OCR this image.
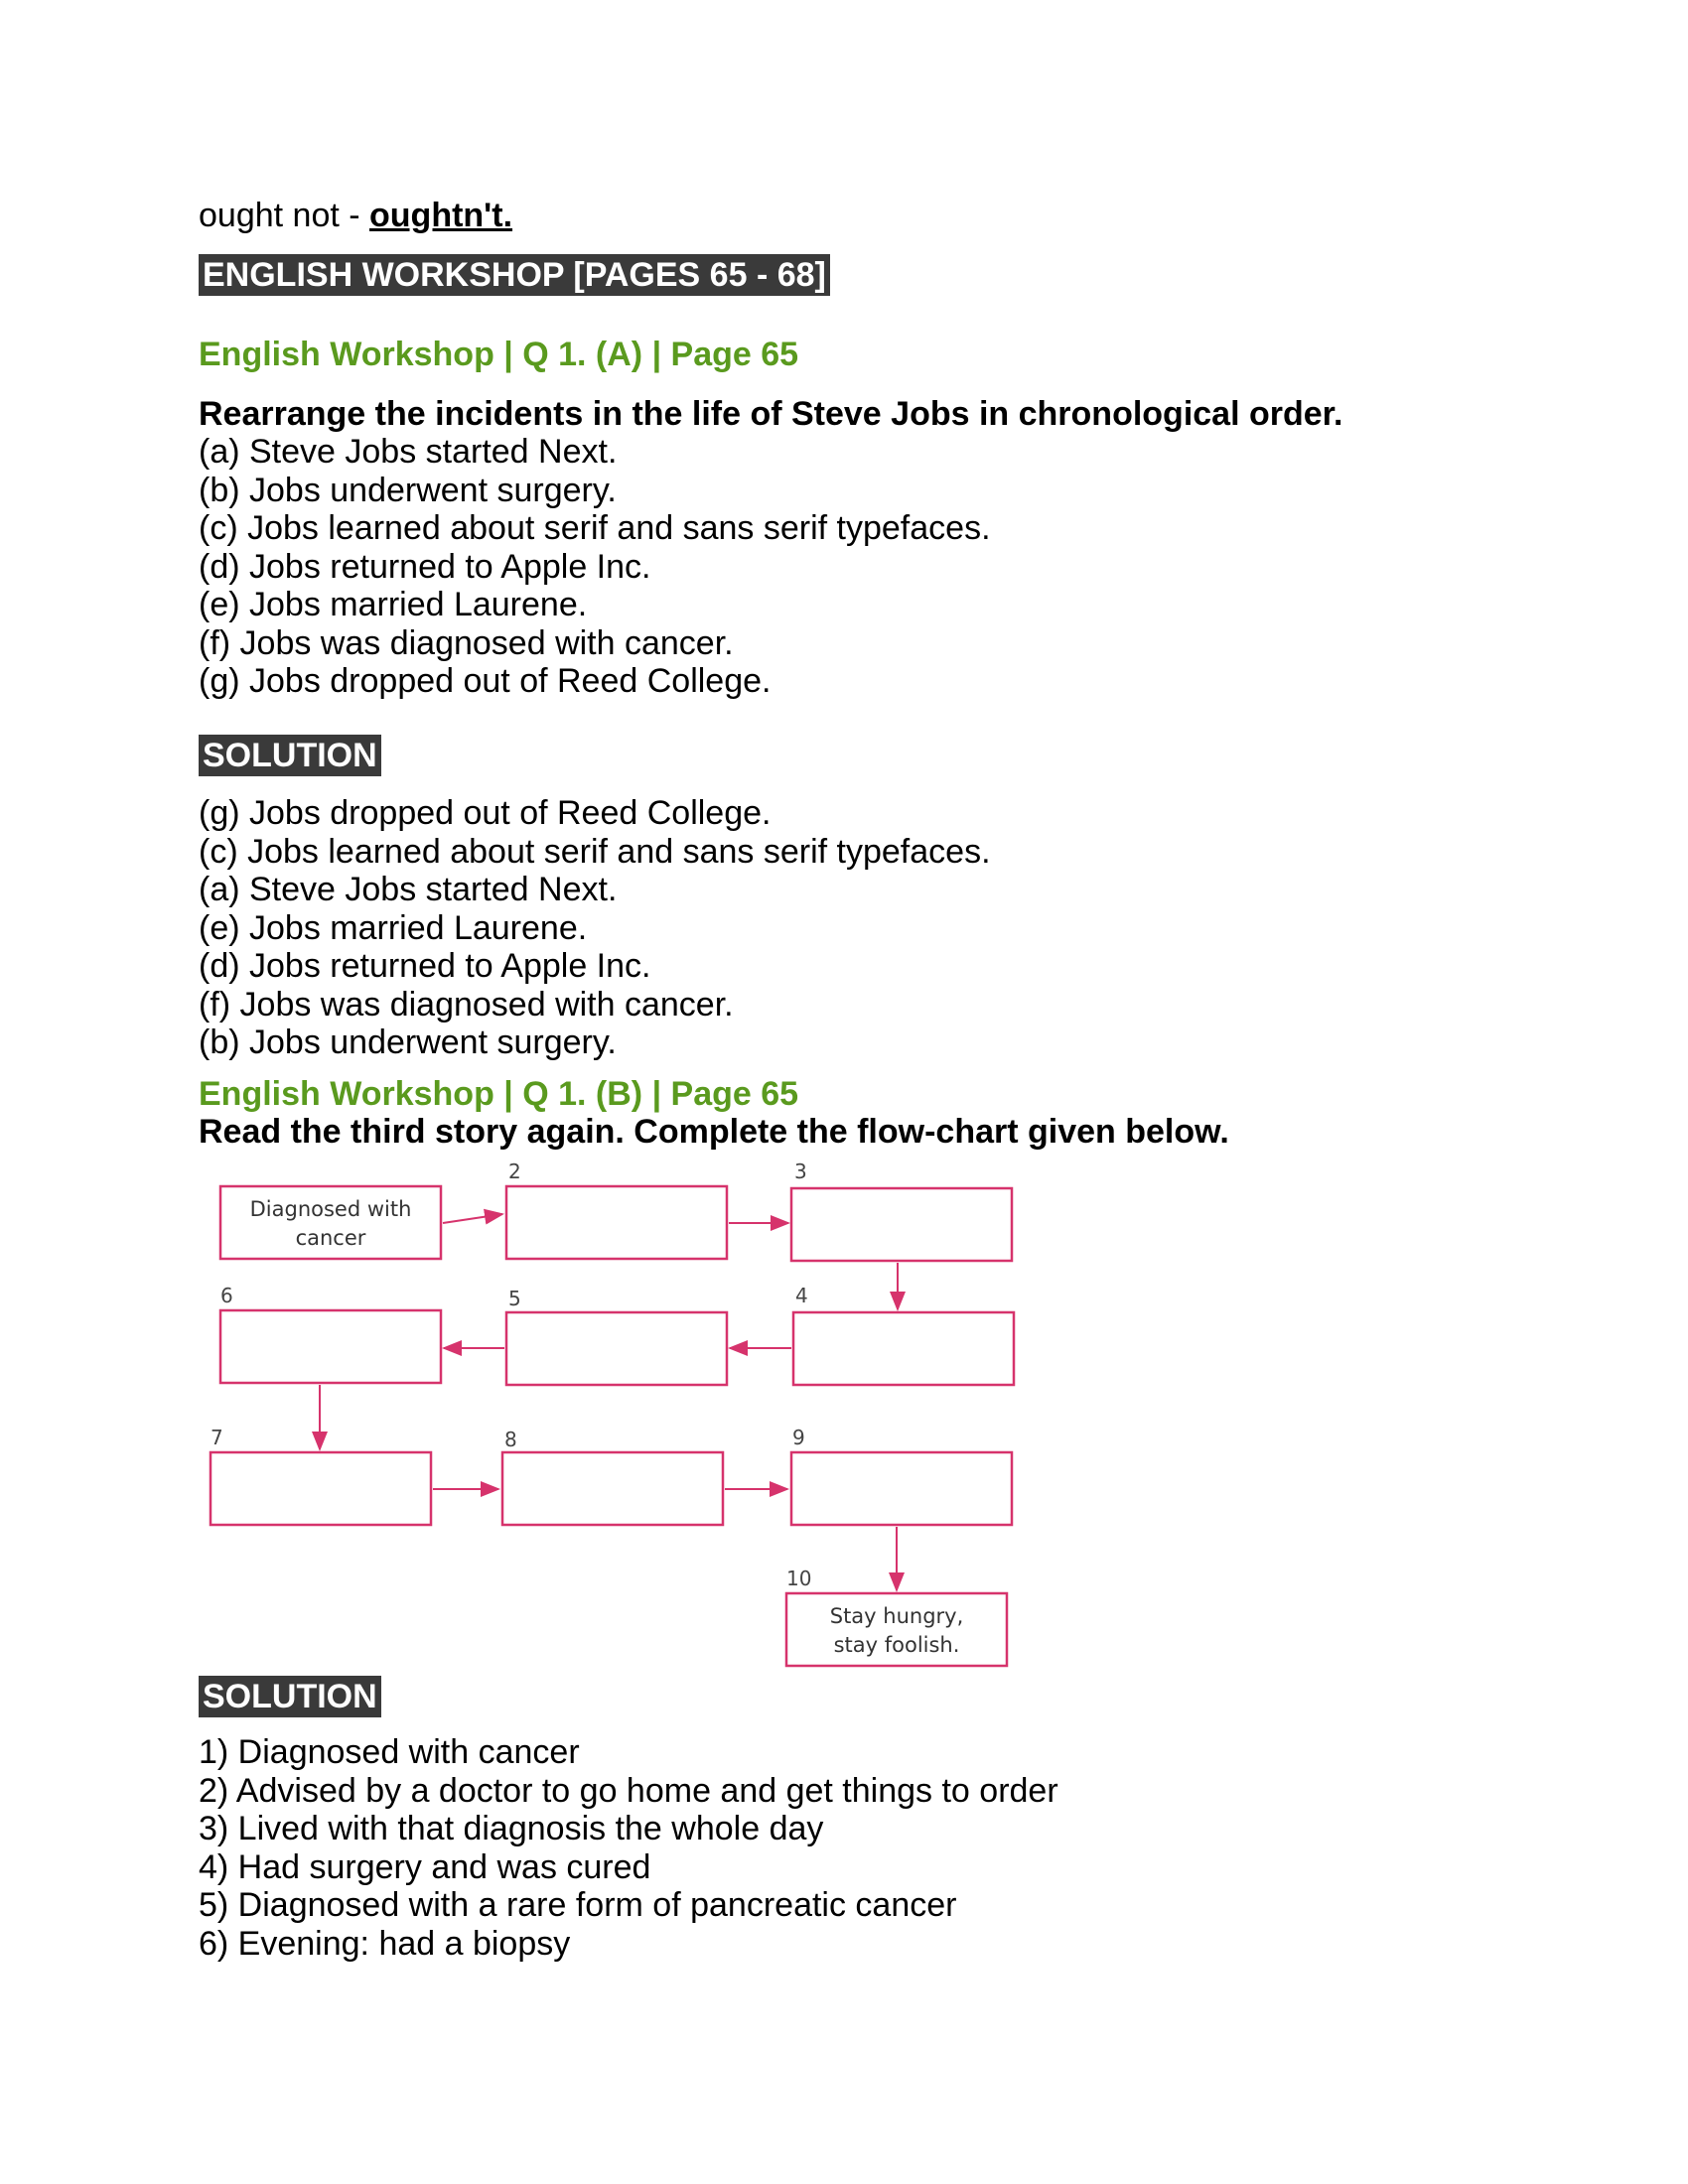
ought not - oughtn't.
ENGLISH WORKSHOP [PAGES 65 - 68]
English Workshop | Q 1. (A) | Page 65
Rearrange the incidents in the life of Steve Jobs in chronological order.
(a) Steve Jobs started Next.
(b) Jobs underwent surgery.
(c) Jobs learned about serif and sans serif typefaces.
(d) Jobs returned to Apple Inc.
(e) Jobs married Laurene.
(f) Jobs was diagnosed with cancer.
(g) Jobs dropped out of Reed College.
SOLUTION
(g) Jobs dropped out of Reed College.
(c) Jobs learned about serif and sans serif typefaces.
(a) Steve Jobs started Next.
(e) Jobs married Laurene.
(d) Jobs returned to Apple Inc.
(f) Jobs was diagnosed with cancer.
(b) Jobs underwent surgery.
English Workshop | Q 1. (B) | Page 65
Read the third story again. Complete the flow-chart given below.
2	3
6	5	4
7	8	9
10
Diagnosed with
cancer
Stay hungry,
stay foolish.
SOLUTION
1) Diagnosed with cancer
2) Advised by a doctor to go home and get things to order
3) Lived with that diagnosis the whole day
4) Had surgery and was cured
5) Diagnosed with a rare form of pancreatic cancer
6) Evening: had a biopsy
